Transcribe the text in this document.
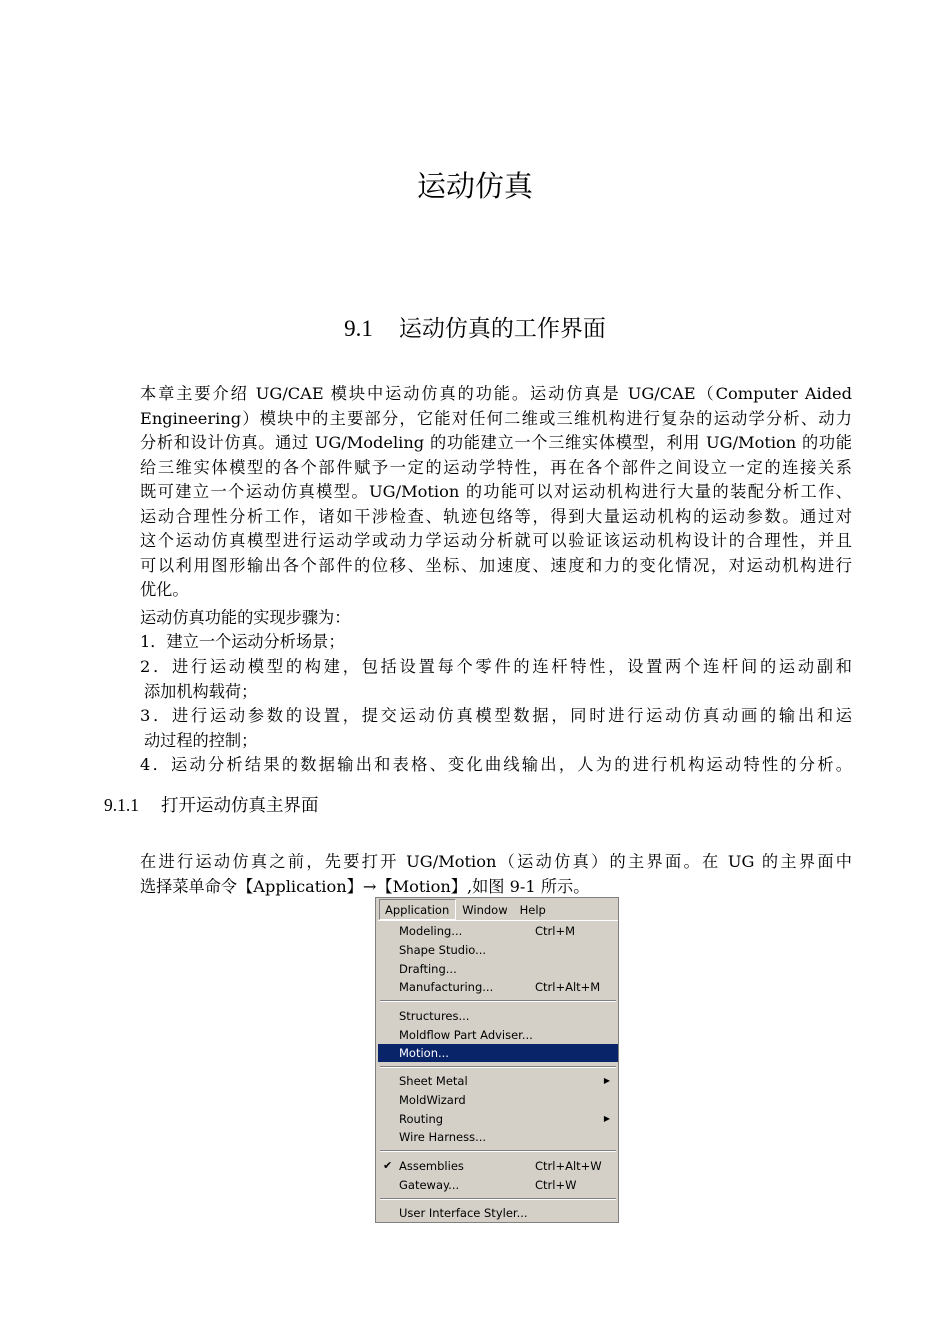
运动仿真
9.1 运动仿真的工作界面
本章主要介绍 UG/CAE 模块中运动仿真的功能。运动仿真是 UG/CAE（Computer Aided
Engineering）模块中的主要部分，它能对任何二维或三维机构进行复杂的运动学分析、动力
分析和设计仿真。通过 UG/Modeling 的功能建立一个三维实体模型，利用 UG/Motion 的功能
给三维实体模型的各个部件赋予一定的运动学特性，再在各个部件之间设立一定的连接关系
既可建立一个运动仿真模型。UG/Motion 的功能可以对运动机构进行大量的装配分析工作、
运动合理性分析工作，诸如干涉检查、轨迹包络等，得到大量运动机构的运动参数。通过对
这个运动仿真模型进行运动学或动力学运动分析就可以验证该运动机构设计的合理性，并且
可以利用图形输出各个部件的位移、坐标、加速度、速度和力的变化情况，对运动机构进行
优化。
运动仿真功能的实现步骤为：
1．建立一个运动分析场景；
2．进行运动模型的构建，包括设置每个零件的连杆特性，设置两个连杆间的运动副和
添加机构载荷；
3．进行运动参数的设置，提交运动仿真模型数据，同时进行运动仿真动画的输出和运
动过程的控制；
4．运动分析结果的数据输出和表格、变化曲线输出，人为的进行机构运动特性的分析。
9.1.1 打开运动仿真主界面
在进行运动仿真之前，先要打开 UG/Motion（运动仿真）的主界面。在 UG 的主界面中
选择菜单命令【Application】→【Motion】,如图 9-1 所示。
Application	Window	Help
Modeling...	Ctrl+M
Shape Studio...
Drafting...
Manufacturing...	Ctrl+Alt+M
Structures...
Moldflow Part Adviser...
Motion...
Sheet Metal	▶
MoldWizard
Routing	▶
Wire Harness...
✔ Assemblies	Ctrl+Alt+W
Gateway...	Ctrl+W
User Interface Styler...
